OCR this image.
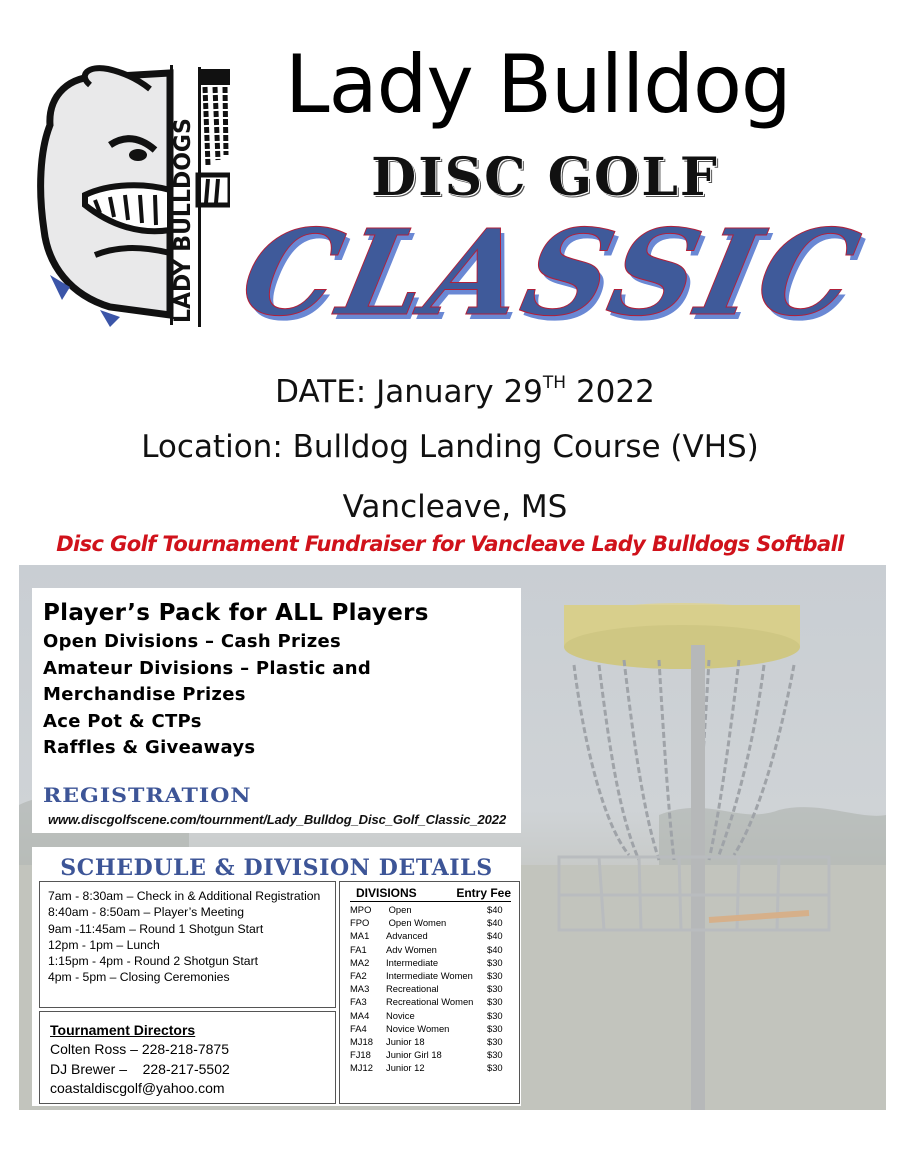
LADY BULLDOGS
Lady Bulldog
DISC GOLF
CLASSIC
DATE: January 29TH 2022
Location: Bulldog Landing Course (VHS)
Vancleave, MS
Disc Golf Tournament Fundraiser for Vancleave Lady Bulldogs Softball
Player’s Pack for ALL Players
Open Divisions – Cash Prizes
Amateur Divisions – Plastic and
Merchandise Prizes
Ace Pot & CTPs
Raffles & Giveaways
REGISTRATION
www.discgolfscene.com/tournment/Lady_Bulldog_Disc_Golf_Classic_2022
SCHEDULE & DIVISION DETAILS
7am - 8:30am – Check in & Additional Registration
8:40am - 8:50am – Player’s Meeting
9am -11:45am – Round 1 Shotgun Start
12pm - 1pm – Lunch
1:15pm - 4pm - Round 2 Shotgun Start
4pm - 5pm – Closing Ceremonies
Tournament Directors
Colten Ross – 228-218-7875
DJ Brewer –    228-217-5502
coastaldiscgolf@yahoo.com
DIVISIONS	Entry Fee
MPO	Open	$40
FPO	Open Women	$40
MA1	Advanced	$40
FA1	Adv Women	$40
MA2	Intermediate	$30
FA2	Intermediate Women	$30
MA3	Recreational	$30
FA3	Recreational Women	$30
MA4	Novice	$30
FA4	Novice Women	$30
MJ18	Junior 18	$30
FJ18	Junior Girl 18	$30
MJ12	Junior 12	$30
